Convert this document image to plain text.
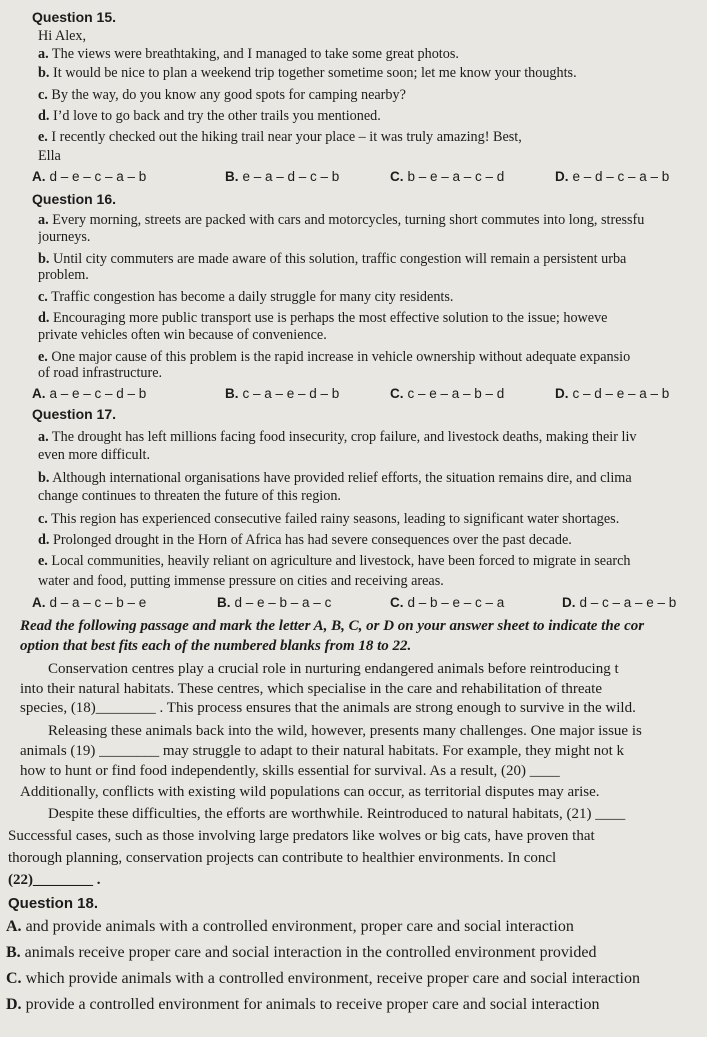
Question 15.
Hi Alex,
a. The views were breathtaking, and I managed to take some great photos.
b. It would be nice to plan a weekend trip together sometime soon; let me know your thoughts.
c. By the way, do you know any good spots for camping nearby?
d. I’d love to go back and try the other trails you mentioned.
e. I recently checked out the hiking trail near your place – it was truly amazing! Best,
Ella
A. d – e – c – a – b	B. e – a – d – c – b	C. b – e – a – c – d	D. e – d – c – a – b
Question 16.
a. Every morning, streets are packed with cars and motorcycles, turning short commutes into long, stressfu
journeys.
b. Until city commuters are made aware of this solution, traffic congestion will remain a persistent urba
problem.
c. Traffic congestion has become a daily struggle for many city residents.
d. Encouraging more public transport use is perhaps the most effective solution to the issue; howeve
private vehicles often win because of convenience.
e. One major cause of this problem is the rapid increase in vehicle ownership without adequate expansio
of road infrastructure.
A. a – e – c – d – b	B. c – a – e – d – b	C. c – e – a – b – d	D. c – d – e – a – b
Question 17.
a. The drought has left millions facing food insecurity, crop failure, and livestock deaths, making their liv
even more difficult.
b. Although international organisations have provided relief efforts, the situation remains dire, and clima
change continues to threaten the future of this region.
c. This region has experienced consecutive failed rainy seasons, leading to significant water shortages.
d. Prolonged drought in the Horn of Africa has had severe consequences over the past decade.
e. Local communities, heavily reliant on agriculture and livestock, have been forced to migrate in search
water and food, putting immense pressure on cities and receiving areas.
A. d – a – c – b – e	B. d – e – b – a – c	C. d – b – e – c – a	D. d – c – a – e – b
Read the following passage and mark the letter A, B, C, or D on your answer sheet to indicate the cor
option that best fits each of the numbered blanks from 18 to 22.
Conservation centres play a crucial role in nurturing endangered animals before reintroducing t
into their natural habitats. These centres, which specialise in the care and rehabilitation of threate
species, (18)________ . This process ensures that the animals are strong enough to survive in the wild.
Releasing these animals back into the wild, however, presents many challenges. One major issue is
animals (19) ________ may struggle to adapt to their natural habitats. For example, they might not k
how to hunt or find food independently, skills essential for survival. As a result, (20) ____
Additionally, conflicts with existing wild populations can occur, as territorial disputes may arise.
Despite these difficulties, the efforts are worthwhile. Reintroduced to natural habitats, (21) ____
Successful cases, such as those involving large predators like wolves or big cats, have proven that
thorough planning, conservation projects can contribute to healthier environments. In concl
(22)________ .
Question 18.
A. and provide animals with a controlled environment, proper care and social interaction
B. animals receive proper care and social interaction in the controlled environment provided
C. which provide animals with a controlled environment, receive proper care and social interaction
D. provide a controlled environment for animals to receive proper care and social interaction
